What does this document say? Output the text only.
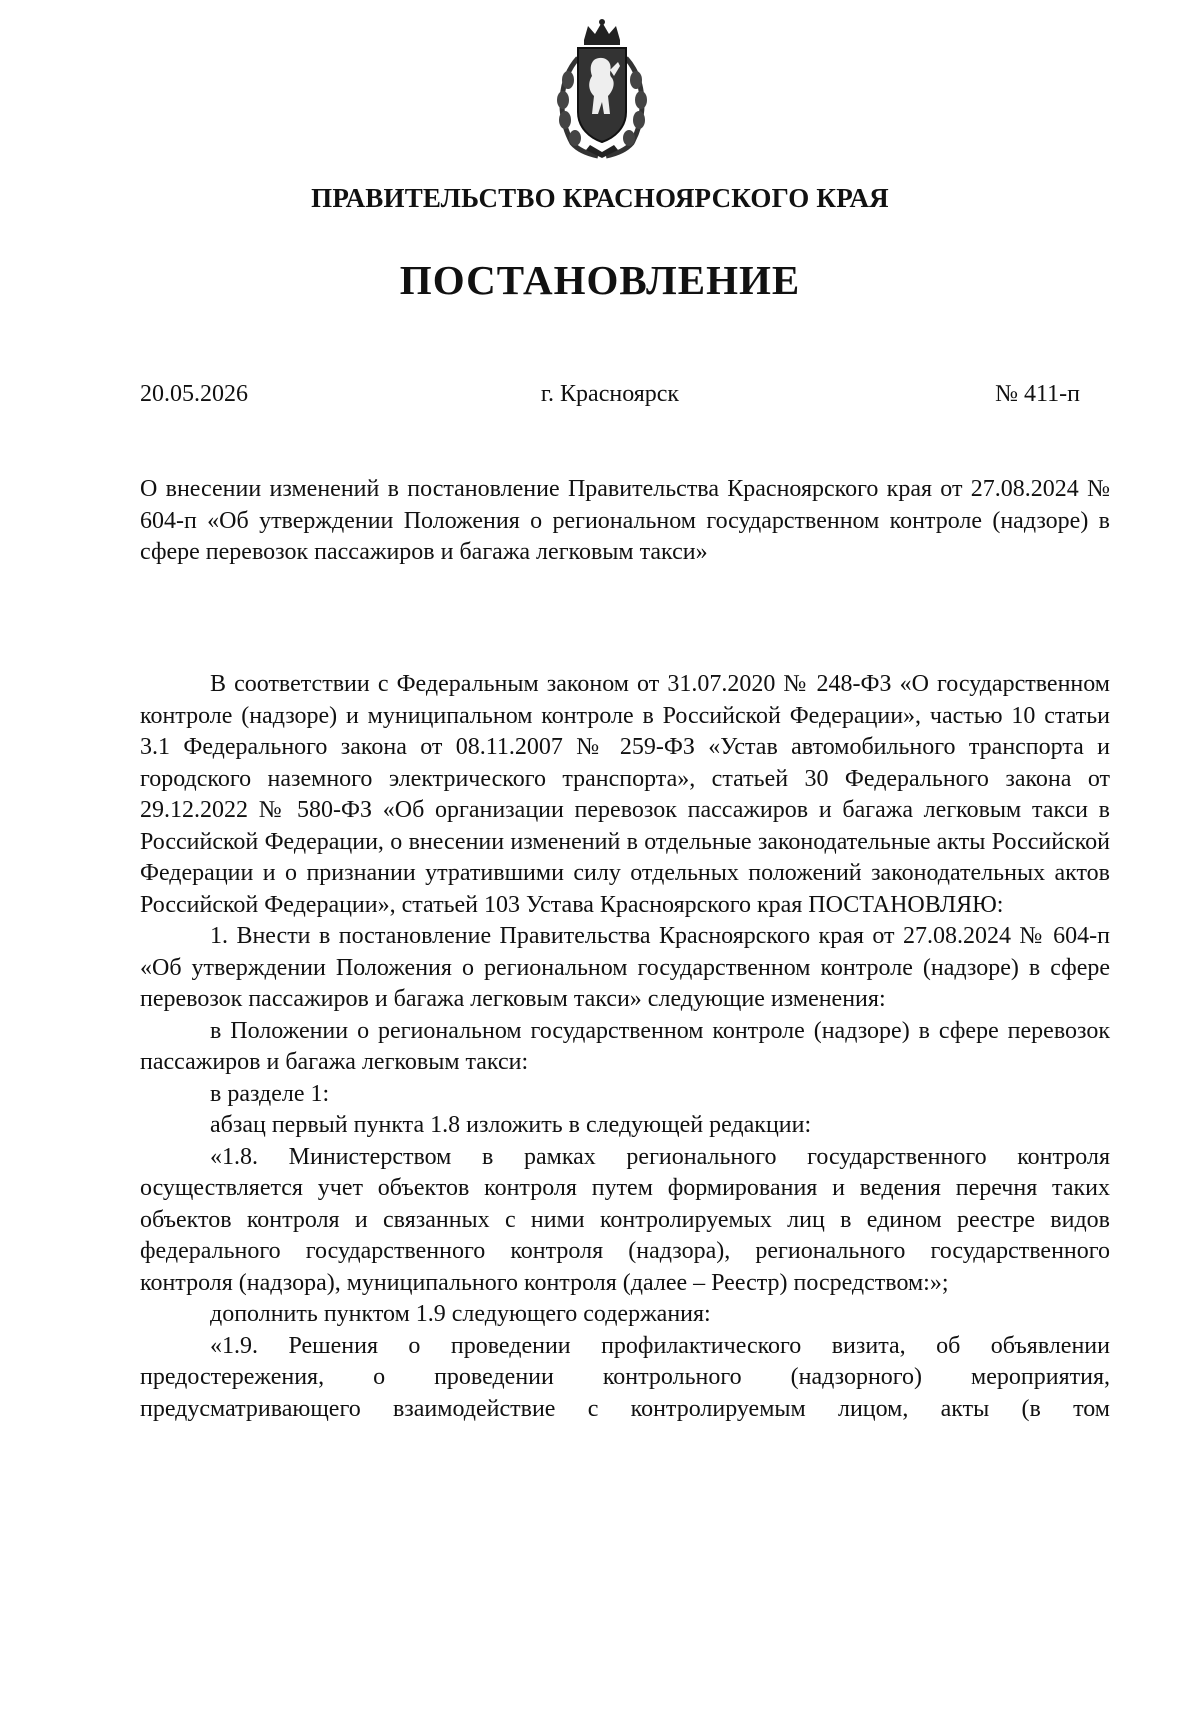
ПРАВИТЕЛЬСТВО КРАСНОЯРСКОГО КРАЯ
ПОСТАНОВЛЕНИЕ
20.05.2026	г. Красноярск	№ 411-п
О внесении изменений в постановление Правительства Красноярского края от 27.08.2024 № 604-п «Об утверждении Положения о региональном государственном контроле (надзоре) в сфере перевозок пассажиров и багажа легковым такси»

В соответствии с Федеральным законом от 31.07.2020 № 248-ФЗ «О государственном контроле (надзоре) и муниципальном контроле в Российской Федерации», частью 10 статьи 3.1 Федерального закона от 08.11.2007 № 259-ФЗ «Устав автомобильного транспорта и городского наземного электрического транспорта», статьей 30 Федерального закона от 29.12.2022 № 580-ФЗ «Об организации перевозок пассажиров и багажа легковым такси в Российской Федерации, о внесении изменений в отдельные законодательные акты Российской Федерации и о признании утратившими силу отдельных положений законодательных актов Российской Федерации», статьей 103 Устава Красноярского края ПОСТАНОВЛЯЮ:

1. Внести в постановление Правительства Красноярского края от 27.08.2024 № 604-п «Об утверждении Положения о региональном государственном контроле (надзоре) в сфере перевозок пассажиров и багажа легковым такси» следующие изменения:

в Положении о региональном государственном контроле (надзоре) в сфере перевозок пассажиров и багажа легковым такси:

в разделе 1:

абзац первый пункта 1.8 изложить в следующей редакции:

«1.8. Министерством в рамках регионального государственного контроля осуществляется учет объектов контроля путем формирования и ведения перечня таких объектов контроля и связанных с ними контролируемых лиц в едином реестре видов федерального государственного контроля (надзора), регионального государственного контроля (надзора), муниципального контроля (далее – Реестр) посредством:»;

дополнить пунктом 1.9 следующего содержания:

«1.9. Решения о проведении профилактического визита, об объявлении предостережения, о проведении контрольного (надзорного) мероприятия, предусматривающего взаимодействие с контролируемым лицом, акты (в том
